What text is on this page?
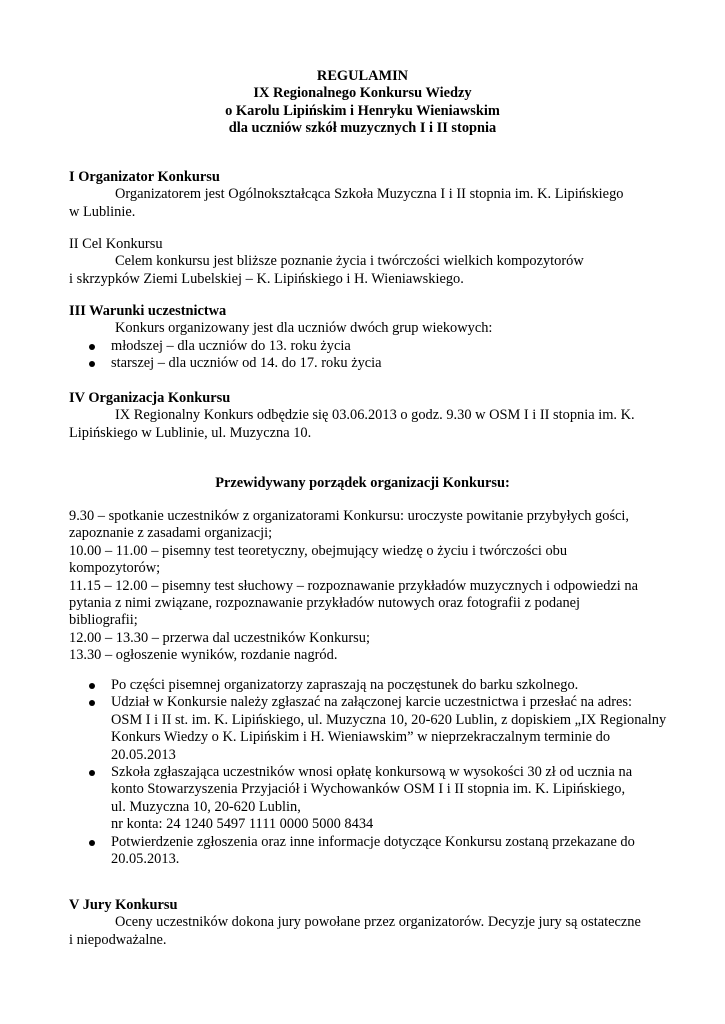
REGULAMIN
IX Regionalnego Konkursu Wiedzy
o Karolu Lipińskim i Henryku Wieniawskim
dla uczniów szkół muzycznych I i II stopnia
I Organizator Konkursu
Organizatorem jest Ogólnokształcąca Szkoła Muzyczna I i II stopnia im. K. Lipińskiego
w Lublinie.
II Cel Konkursu
Celem konkursu jest bliższe poznanie życia i twórczości wielkich kompozytorów
i skrzypków Ziemi Lubelskiej – K. Lipińskiego i H. Wieniawskiego.
III Warunki uczestnictwa
Konkurs organizowany jest dla uczniów dwóch grup wiekowych:
młodszej – dla uczniów do 13. roku życia
starszej – dla uczniów od 14. do 17. roku życia
IV Organizacja Konkursu
IX Regionalny Konkurs odbędzie się 03.06.2013 o godz. 9.30 w OSM I i II stopnia im. K.
Lipińskiego w Lublinie, ul. Muzyczna 10.
Przewidywany porządek organizacji Konkursu:
9.30 – spotkanie uczestników z organizatorami Konkursu: uroczyste powitanie przybyłych gości,
zapoznanie z zasadami organizacji;
10.00 – 11.00 – pisemny test teoretyczny, obejmujący wiedzę o życiu i twórczości obu
kompozytorów;
11.15 – 12.00 – pisemny test słuchowy – rozpoznawanie przykładów muzycznych i odpowiedzi na
pytania z nimi związane, rozpoznawanie przykładów nutowych oraz fotografii z podanej
bibliografii;
12.00 – 13.30 – przerwa dal uczestników Konkursu;
13.30 – ogłoszenie wyników, rozdanie nagród.
Po części pisemnej organizatorzy zapraszają na poczęstunek do barku szkolnego.
Udział w Konkursie należy zgłaszać na załączonej karcie uczestnictwa i przesłać na adres:
OSM I i II st. im. K. Lipińskiego, ul. Muzyczna 10, 20-620 Lublin, z dopiskiem „IX Regionalny
Konkurs Wiedzy o K. Lipińskim i H. Wieniawskim” w nieprzekraczalnym terminie do
20.05.2013
Szkoła zgłaszająca uczestników wnosi opłatę konkursową w wysokości 30 zł od ucznia na
konto Stowarzyszenia Przyjaciół i Wychowanków OSM I i II stopnia im. K. Lipińskiego,
ul. Muzyczna 10, 20-620 Lublin,
nr konta: 24 1240 5497 1111 0000 5000 8434
Potwierdzenie zgłoszenia oraz inne informacje dotyczące Konkursu zostaną przekazane do
20.05.2013.
V Jury Konkursu
Oceny uczestników dokona jury powołane przez organizatorów. Decyzje jury są ostateczne
i niepodważalne.
